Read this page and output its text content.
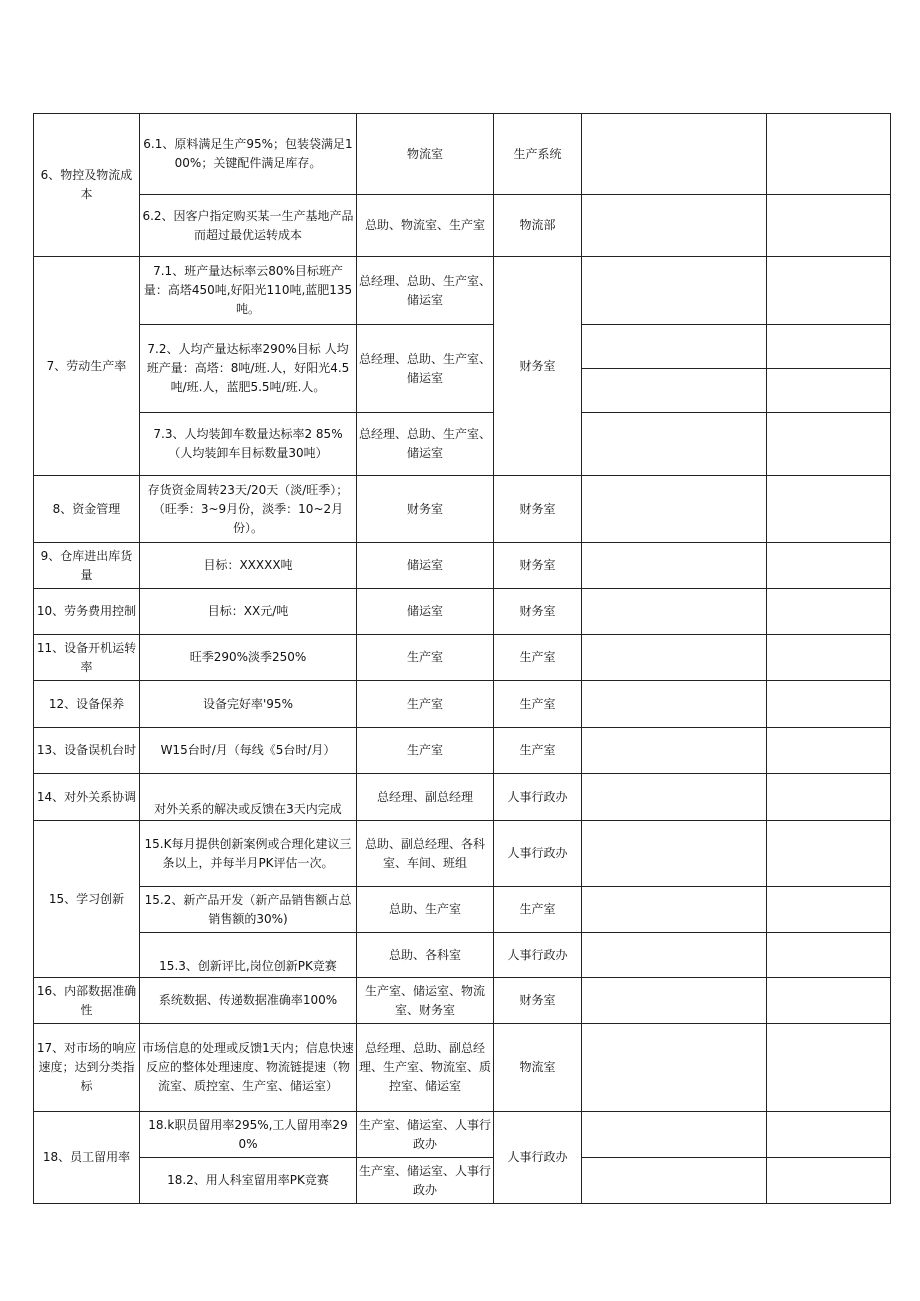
6、物控及物流成本	6.1、原料满足生产95%；包装袋满足100%；关键配件满足库存。	物流室	生产系统		
	6.2、因客户指定购买某一生产基地产品而超过最优运转成本	总助、物流室、生产室	物流部		
7、劳动生产率	7.1、班产量达标率云80%目标班产量：高塔450吨,好阳光110吨,蓝肥135吨。	总经理、总助、生产室、储运室	财务室		
	7.2、人均产量达标率290%目标 人均班产量：高塔：8吨/班.人，好阳光4.5吨/班.人，蓝肥5.5吨/班.人。	总经理、总助、生产室、储运室			

	7.3、人均装卸车数量达标率2 85%（人均装卸车目标数量30吨）	总经理、总助、生产室、储运室			
8、资金管理	存货资金周转23天/20天（淡/旺季）；（旺季：3~9月份，淡季：10~2月份）。	财务室	财务室		
9、仓库进出库货量	目标：XXXXX吨	储运室	财务室		
10、劳务费用控制	目标：XX元/吨	储运室	财务室		
11、设备开机运转率	旺季290%淡季250%	生产室	生产室		
12、设备保养	设备完好率'95%	生产室	生产室		
13、设备误机台时	W15台时/月（每线《5台时/月）	生产室	生产室		
14、对外关系协调	对外关系的解决或反馈在3天内完成	总经理、副总经理	人事行政办		
15、学习创新	15.K每月提供创新案例或合理化建议三条以上，并每半月PK评估一次。	总助、副总经理、各科室、车间、班组	人事行政办		
	15.2、新产品开发（新产品销售额占总销售额的30%)	总助、生产室	生产室		
	15.3、创新评比,岗位创新PK竞赛	总助、各科室	人事行政办		
16、内部数据准确性	系统数据、传递数据准确率100%	生产室、储运室、物流室、财务室	财务室		
17、对市场的响应速度；达到分类指标	市场信息的处理或反馈1天内；信息快速反应的整体处理速度、物流链提速（物流室、质控室、生产室、储运室）	总经理、总助、副总经理、生产室、物流室、质控室、储运室	物流室		
18、员工留用率	18.k职员留用率295%,工人留用率290%	生产室、储运室、人事行政办	人事行政办		
	18.2、用人科室留用率PK竞赛	生产室、储运室、人事行政办			
